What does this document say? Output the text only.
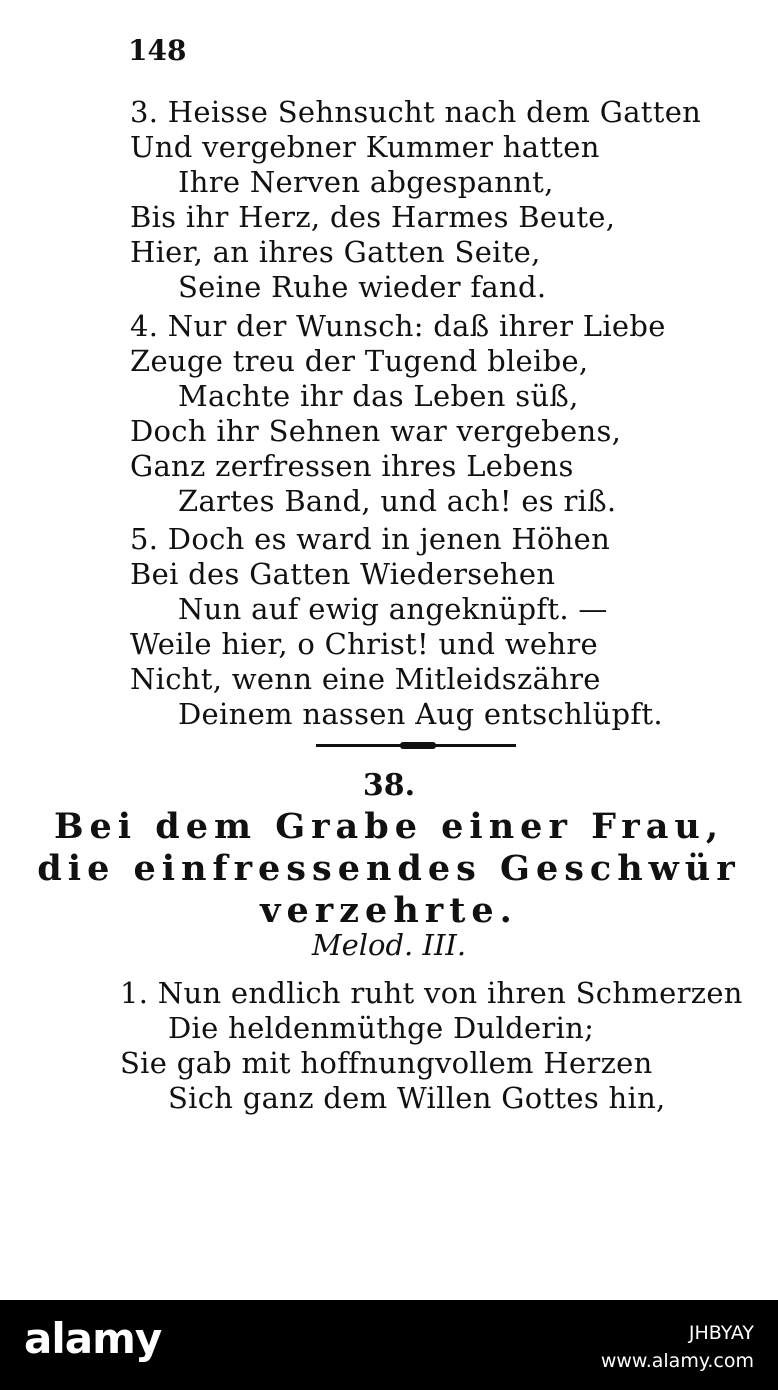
148
3. Heisse Sehnsucht nach dem Gatten
Und vergebner Kummer hatten
Ihre Nerven abgespannt,
Bis ihr Herz, des Harmes Beute,
Hier, an ihres Gatten Seite,
Seine Ruhe wieder fand.
4. Nur der Wunsch: daß ihrer Liebe
Zeuge treu der Tugend bleibe,
Machte ihr das Leben süß,
Doch ihr Sehnen war vergebens,
Ganz zerfressen ihres Lebens
Zartes Band, und ach! es riß.
5. Doch es ward in jenen Höhen
Bei des Gatten Wiedersehen
Nun auf ewig angeknüpft. —
Weile hier, o Christ! und wehre
Nicht, wenn eine Mitleidszähre
Deinem nassen Aug entschlüpft.
38.
Bei dem Grabe einer Frau,
die einfressendes Geschwür
verzehrte.
Melod. III.
1. Nun endlich ruht von ihren Schmerzen
Die heldenmüthge Dulderin;
Sie gab mit hoffnungvollem Herzen
Sich ganz dem Willen Gottes hin,
alamy	JHBYAY
www.alamy.com
